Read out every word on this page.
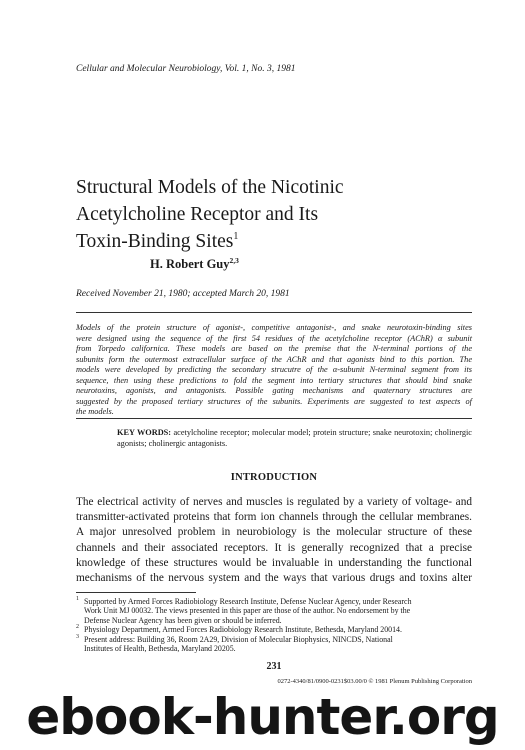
Cellular and Molecular Neurobiology, Vol. 1, No. 3, 1981
Structural Models of the Nicotinic
Acetylcholine Receptor and Its
Toxin-Binding Sites$^1$
H. Robert Guy$^{2,3}$
Received November 21, 1980; accepted March 20, 1981
Models of the protein structure of agonist-, competitive antagonist-, and snake neurotoxin-binding sites
were designed using the sequence of the first 54 residues of the acetylcholine receptor (AChR) α subunit
from Torpedo californica. These models are based on the premise that the N-terminal portions of the
subunits form the outermost extracellular surface of the AChR and that agonists bind to this portion. The
models were developed by predicting the secondary strucutre of the α-subunit N-terminal segment from its
sequence, then using these predictions to fold the segment into tertiary structures that should bind snake
neurotoxins, agonists, and antagonists. Possible gating mechanisms and quaternary structures are
suggested by the proposed tertiary structures of the subunits. Experiments are suggested to test aspects of
the models.
KEY WORDS: acetylcholine receptor; molecular model; protein structure; snake neurotoxin; cholinergic agonists; cholinergic antagonists.
INTRODUCTION
The electrical activity of nerves and muscles is regulated by a variety of voltage- and
transmitter-activated proteins that form ion channels through the cellular membranes.
A major unresolved problem in neurobiology is the molecular structure of these
channels and their associated receptors. It is generally recognized that a precise
knowledge of these structures would be invaluable in understanding the functional
mechanisms of the nervous system and the ways that various drugs and toxins alter
1 Supported by Armed Forces Radiobiology Research Institute, Defense Nuclear Agency, under Research
Work Unit MJ 00032. The views presented in this paper are those of the author. No endorsement by the
Defense Nuclear Agency has been given or should be inferred.
2 Physiology Department, Armed Forces Radiobiology Research Institute, Bethesda, Maryland 20014.
3 Present address: Building 36, Room 2A29, Division of Molecular Biophysics, NINCDS, National
Institutes of Health, Bethesda, Maryland 20205.
231
0272-4340/81/0900-0231$03.00/0 © 1981 Plenum Publishing Corporation
ebook-hunter.org
